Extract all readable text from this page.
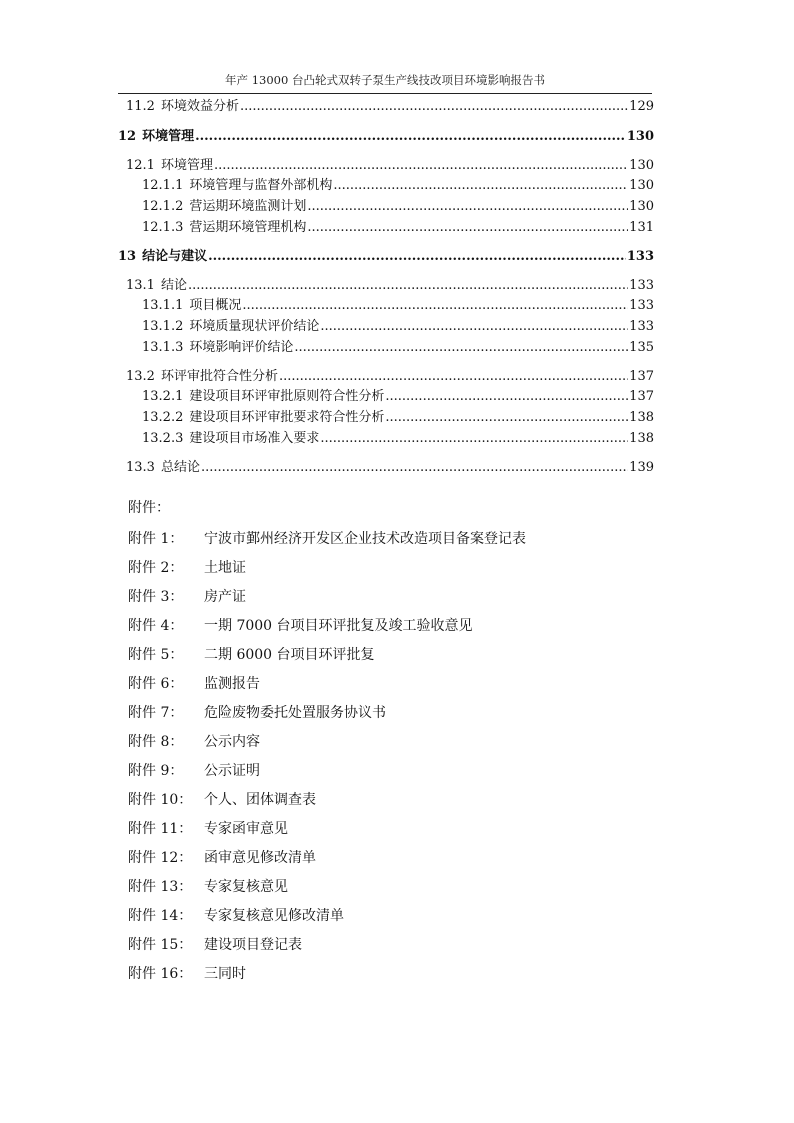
年产 13000 台凸轮式双转子泵生产线技改项目环境影响报告书
11.2 环境效益分析 .....	129
12 环境管理 .....	130
12.1 环境管理 .....	130
12.1.1 环境管理与监督外部机构 .....	130
12.1.2 营运期环境监测计划 .....	130
12.1.3 营运期环境管理机构 .....	131
13 结论与建议 .....	133
13.1 结论 .....	133
13.1.1 项目概况 .....	133
13.1.2 环境质量现状评价结论 .....	133
13.1.3 环境影响评价结论 .....	135
13.2 环评审批符合性分析 .....	137
13.2.1 建设项目环评审批原则符合性分析 .....	137
13.2.2 建设项目环评审批要求符合性分析 .....	138
13.2.3 建设项目市场准入要求 .....	138
13.3 总结论 .....	139
附件：
附件 1：	宁波市鄞州经济开发区企业技术改造项目备案登记表
附件 2：	土地证
附件 3：	房产证
附件 4：	一期 7000 台项目环评批复及竣工验收意见
附件 5：	二期 6000 台项目环评批复
附件 6：	监测报告
附件 7：	危险废物委托处置服务协议书
附件 8：	公示内容
附件 9：	公示证明
附件 10： 个人、团体调查表
附件 11： 专家函审意见
附件 12： 函审意见修改清单
附件 13： 专家复核意见
附件 14： 专家复核意见修改清单
附件 15： 建设项目登记表
附件 16： 三同时
